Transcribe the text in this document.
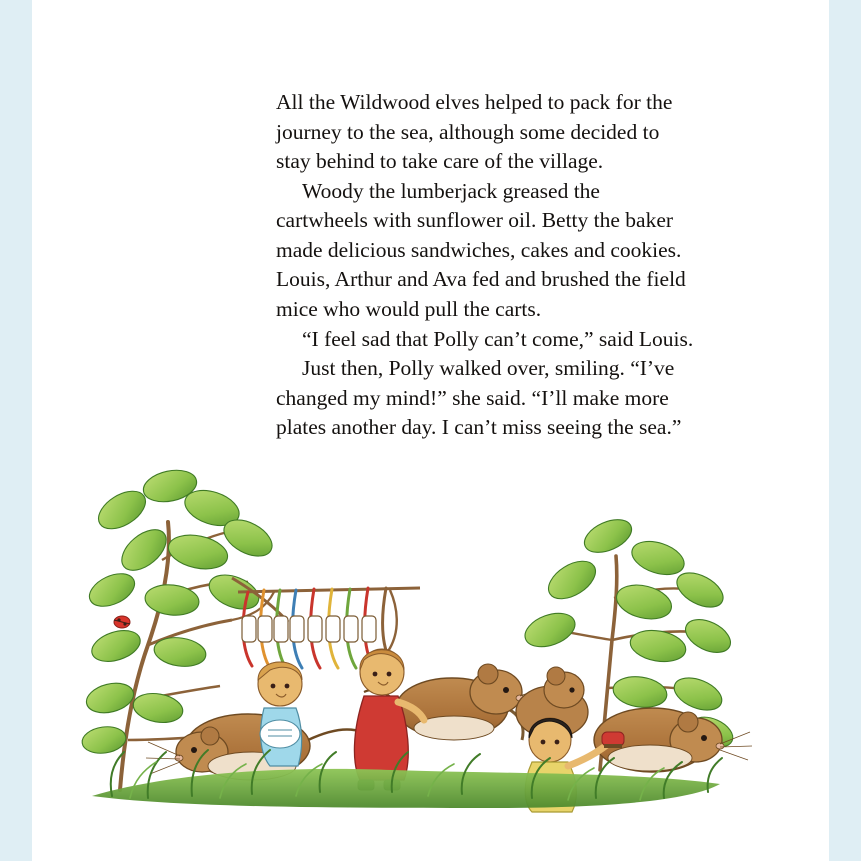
All the Wildwood elves helped to pack for the journey to the sea, although some decided to stay behind to take care of the village.

Woody the lumberjack greased the cartwheels with sunflower oil. Betty the baker made delicious sandwiches, cakes and cookies. Louis, Arthur and Ava fed and brushed the field mice who would pull the carts.

“I feel sad that Polly can’t come,” said Louis.

Just then, Polly walked over, smiling. “I’ve changed my mind!” she said. “I’ll make more plates another day. I can’t miss seeing the sea.”
